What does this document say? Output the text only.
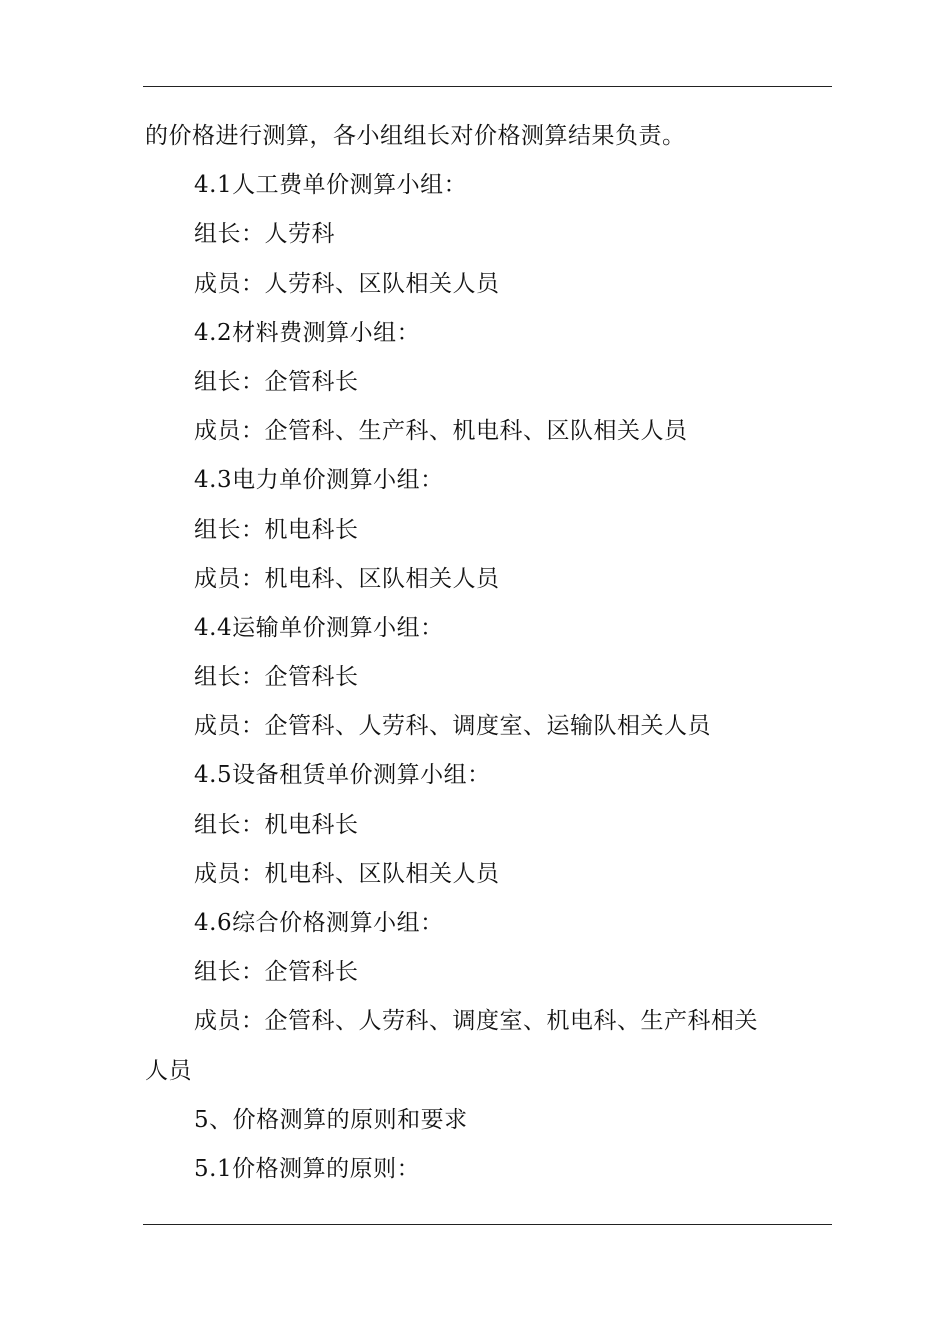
的价格进行测算，各小组组长对价格测算结果负责。
4.1人工费单价测算小组：
组长：人劳科
成员：人劳科、区队相关人员
4.2材料费测算小组：
组长：企管科长
成员：企管科、生产科、机电科、区队相关人员
4.3电力单价测算小组：
组长：机电科长
成员：机电科、区队相关人员
4.4运输单价测算小组：
组长：企管科长
成员：企管科、人劳科、调度室、运输队相关人员
4.5设备租赁单价测算小组：
组长：机电科长
成员：机电科、区队相关人员
4.6综合价格测算小组：
组长：企管科长
成员：企管科、人劳科、调度室、机电科、生产科相关
人员
5、价格测算的原则和要求
5.1价格测算的原则：
